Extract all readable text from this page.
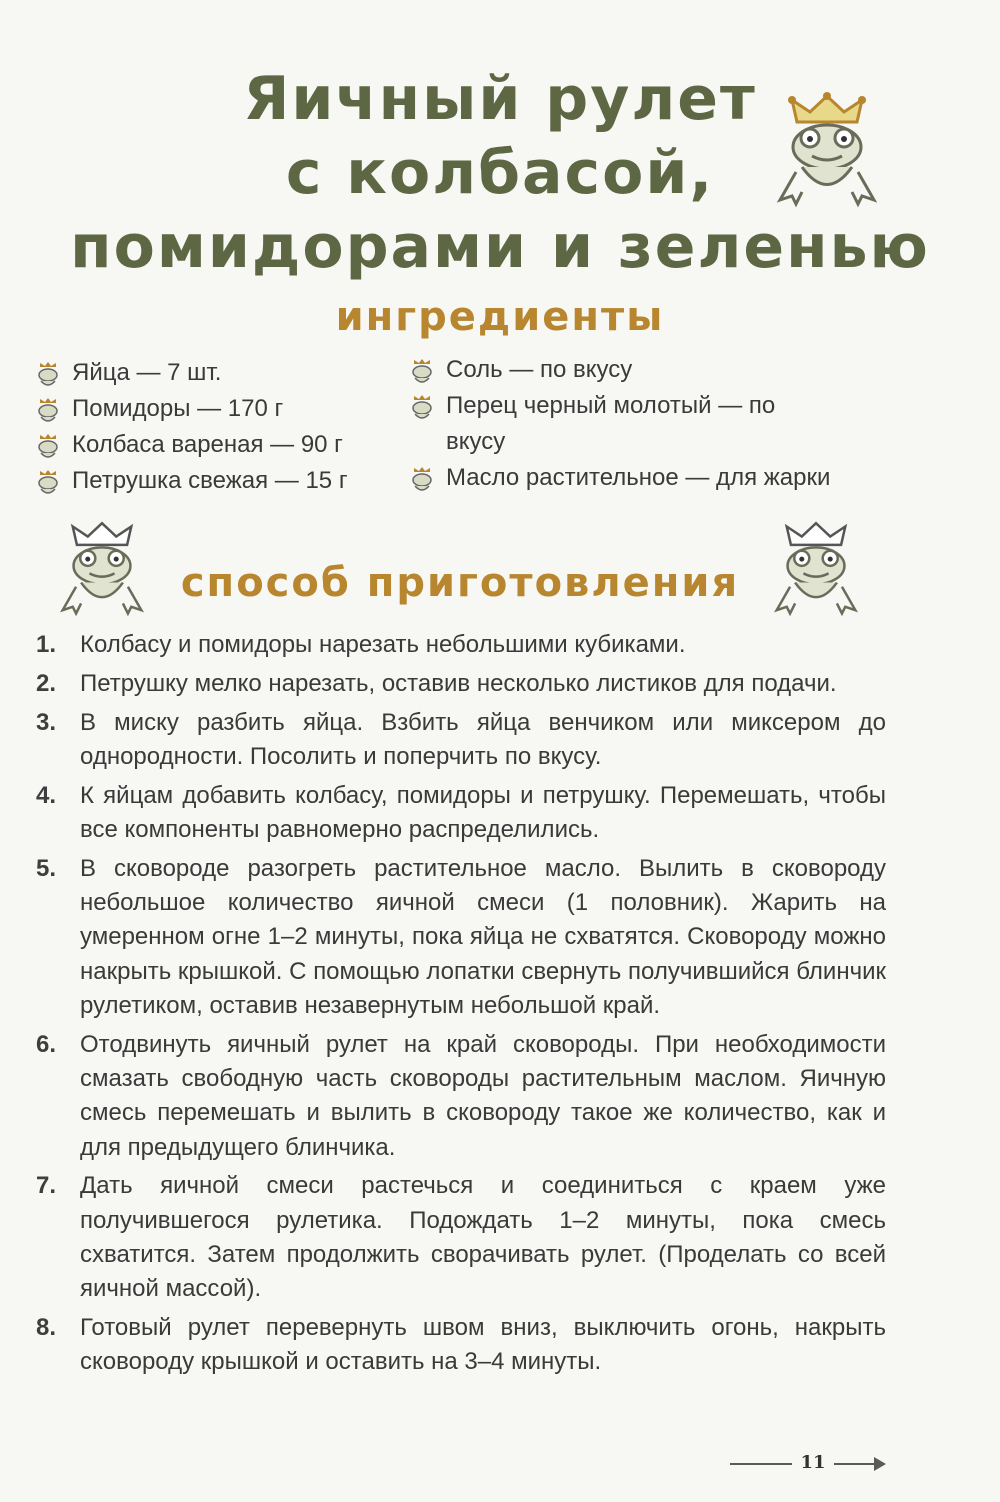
Яичный рулет
с колбасой,
помидорами и зеленью
ингредиенты
Яйца — 7 шт.
Помидоры — 170 г
Колбаса вареная — 90 г
Петрушка свежая — 15 г
Соль — по вкусу
Перец черный молотый — по вкусу
Масло растительное — для жарки
способ приготовления
1. Колбасу и помидоры нарезать небольшими кубиками.
2. Петрушку мелко нарезать, оставив несколько листиков для подачи.
3. В миску разбить яйца. Взбить яйца венчиком или миксером до однородности. Посолить и поперчить по вкусу.
4. К яйцам добавить колбасу, помидоры и петрушку. Перемешать, чтобы все компоненты равномерно распределились.
5. В сковороде разогреть растительное масло. Вылить в сковороду небольшое количество яичной смеси (1 половник). Жарить на умеренном огне 1–2 минуты, пока яйца не схватятся. Сковороду можно накрыть крышкой. С помощью лопатки свернуть получившийся блинчик рулетиком, оставив незавернутым небольшой край.
6. Отодвинуть яичный рулет на край сковороды. При необходимости смазать свободную часть сковороды растительным маслом. Яичную смесь перемешать и вылить в сковороду такое же количество, как и для предыдущего блинчика.
7. Дать яичной смеси растечься и соединиться с краем уже получившегося рулетика. Подождать 1–2 минуты, пока смесь схватится. Затем продолжить сворачивать рулет. (Проделать со всей яичной массой).
8. Готовый рулет перевернуть швом вниз, выключить огонь, накрыть сковороду крышкой и оставить на 3–4 минуты.
11
